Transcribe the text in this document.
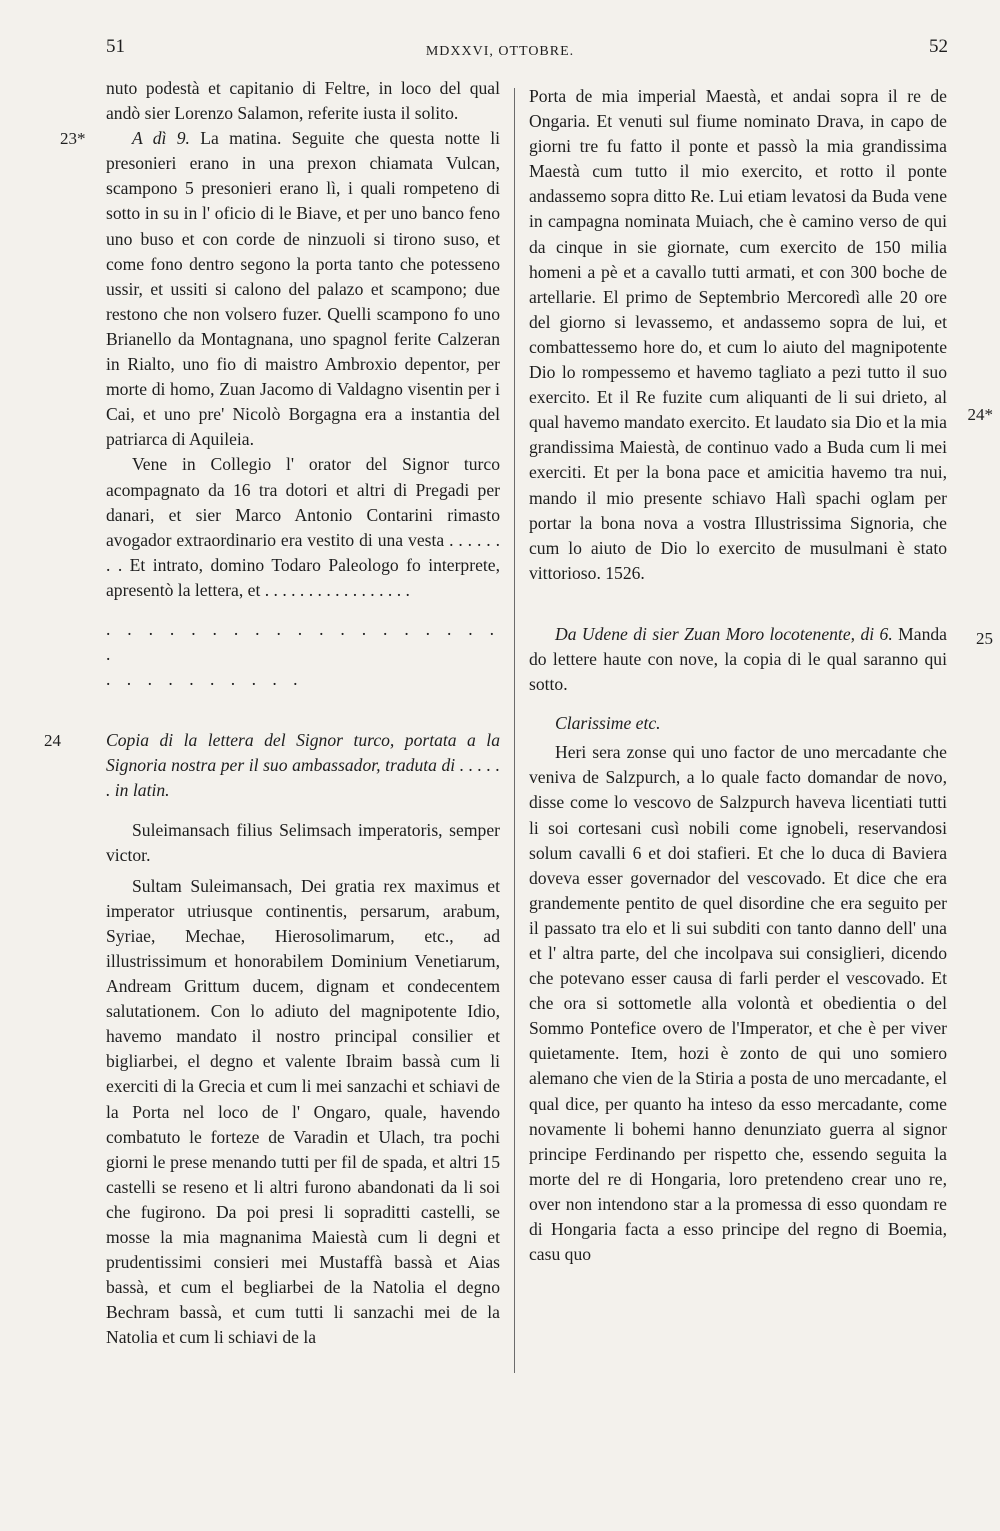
51	MDXXVI, OTTOBRE.	52

nuto podestà et capitanio di Feltre, in loco del qual andò sier Lorenzo Salamon, referite iusta il solito.

23*	A dì 9. La matina. Seguite che questa notte li presonieri erano in una prexon chiamata Vulcan, scampono 5 presonieri erano lì, i quali rompeteno di sotto in su in l' oficio di le Biave, et per uno banco feno uno buso et con corde de ninzuoli si tirono suso, et come fono dentro segono la porta tanto che potesseno ussir, et ussiti si calono del palazo et scampono; due restono che non volsero fuzer. Quelli scampono fo uno Brianello da Montagnana, uno spagnol ferite Calzeran in Rialto, uno fio di maistro Ambroxio depentor, per morte di homo, Zuan Jacomo di Valdagno visentin per i Cai, et uno pre' Nicolò Borgagna era a instantia del patriarca di Aquileia.

Vene in Collegio l' orator del Signor turco acompagnato da 16 tra dotori et altri di Pregadi per danari, et sier Marco Antonio Contarini rimasto avogador extraordinario era vestito di una vesta . . . . . . . . Et intrato, domino Todaro Paleologo fo interprete, apresentò la lettera, et . . . . . . . . . . . . . . . . .

. . . . . . . . . . . . . . . . . . . .

. . . . . . . . . .

24	Copia di la lettera del Signor turco, portata a la Signoria nostra per il suo ambassador, traduta di . . . . . . in latin.

Suleimansach filius Selimsach imperatoris, semper victor.

Sultam Suleimansach, Dei gratia rex maximus et imperator utriusque continentis, persarum, arabum, Syriae, Mechae, Hierosolimarum, etc., ad illustrissimum et honorabilem Dominium Venetiarum, Andream Grittum ducem, dignam et condecentem salutationem. Con lo adiuto del magnipotente Idio, havemo mandato il nostro principal consilier et bigliarbei, el degno et valente Ibraim bassà cum li exerciti di la Grecia et cum li mei sanzachi et schiavi de la Porta nel loco de l' Ongaro, quale, havendo combatuto le forteze de Varadin et Ulach, tra pochi giorni le prese menando tutti per fil de spada, et altri 15 castelli se reseno et li altri furono abandonati da li soi che fugirono. Da poi presi li sopraditti castelli, se mosse la mia magnanima Maiestà cum li degni et prudentissimi consieri mei Mustaffà bassà et Aias bassà, et cum el begliarbei de la Natolia el degno Bechram bassà, et cum tutti li sanzachi mei de la Natolia et cum li schiavi de la

24*
Porta de mia imperial Maestà, et andai sopra il re de Ongaria. Et venuti sul fiume nominato Drava, in capo de giorni tre fu fatto il ponte et passò la mia grandissima Maestà cum tutto il mio exercito, et rotto il ponte andassemo sopra ditto Re. Lui etiam levatosi da Buda vene in campagna nominata Muiach, che è camino verso de qui da cinque in sie giornate, cum exercito de 150 milia homeni a pè et a cavallo tutti armati, et con 300 boche de artellarie. El primo de Septembrio Mercoredì alle 20 ore del giorno si levassemo, et andassemo sopra de lui, et combattessemo hore do, et cum lo aiuto del magnipotente Dio lo rompessemo et havemo tagliato a pezi tutto il suo exercito. Et il Re fuzite cum aliquanti de li sui drieto, al qual havemo mandato exercito. Et laudato sia Dio et la mia grandissima Maiestà, de continuo vado a Buda cum li mei exerciti. Et per la bona pace et amicitia havemo tra nui, mando il mio presente schiavo Halì spachi oglam per portar la bona nova a vostra Illustrissima Signoria, che cum lo aiuto de Dio lo exercito de musulmani è stato vittorioso. 1526.

25
Da Udene di sier Zuan Moro locotenente, di 6. Manda do lettere haute con nove, la copia di le qual saranno qui sotto.

Clarissime etc.

Heri sera zonse qui uno factor de uno mercadante che veniva de Salzpurch, a lo quale facto domandar de novo, disse come lo vescovo de Salzpurch haveva licentiati tutti li soi cortesani cusì nobili come ignobeli, reservandosi solum cavalli 6 et doi stafieri. Et che lo duca di Baviera doveva esser governador del vescovado. Et dice che era grandemente pentito de quel disordine che era seguito per il passato tra elo et li sui subditi con tanto danno dell' una et l' altra parte, del che incolpava sui consiglieri, dicendo che potevano esser causa di farli perder el vescovado. Et che ora si sottometle alla volontà et obedientia o del Sommo Pontefice overo de l'Imperator, et che è per viver quietamente. Item, hozi è zonto de qui uno somiero alemano che vien de la Stiria a posta de uno mercadante, el qual dice, per quanto ha inteso da esso mercadante, come novamente li bohemi hanno denunziato guerra al signor principe Ferdinando per rispetto che, essendo seguita la morte del re di Hongaria, loro pretendeno crear uno re, over non intendono star a la promessa di esso quondam re di Hongaria facta a esso principe del regno di Boemia, casu quo
